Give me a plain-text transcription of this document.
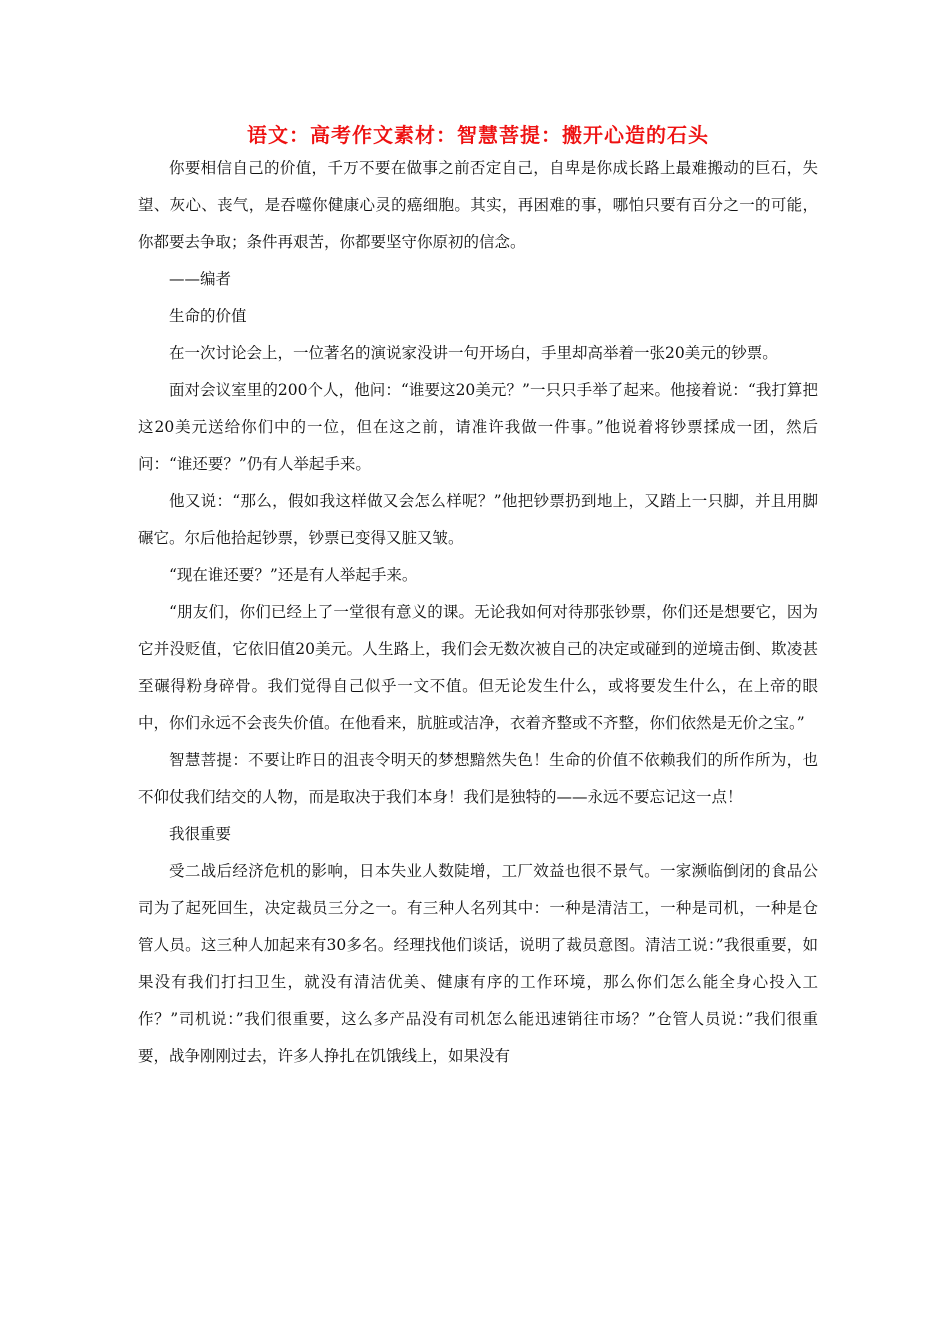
语文：高考作文素材：智慧菩提：搬开心造的石头

你要相信自己的价值，千万不要在做事之前否定自己，自卑是你成长路上最难搬动的巨石，失望、灰心、丧气，是吞噬你健康心灵的癌细胞。其实，再困难的事，哪怕只要有百分之一的可能，你都要去争取；条件再艰苦，你都要坚守你原初的信念。

——编者

生命的价值

在一次讨论会上，一位著名的演说家没讲一句开场白，手里却高举着一张20美元的钞票。

面对会议室里的200个人，他问：“谁要这20美元？”一只只手举了起来。他接着说：“我打算把这20美元送给你们中的一位，但在这之前，请准许我做一件事。”他说着将钞票揉成一团，然后问：“谁还要？”仍有人举起手来。

他又说：“那么，假如我这样做又会怎么样呢？”他把钞票扔到地上，又踏上一只脚，并且用脚碾它。尔后他拾起钞票，钞票已变得又脏又皱。

“现在谁还要？”还是有人举起手来。

“朋友们，你们已经上了一堂很有意义的课。无论我如何对待那张钞票，你们还是想要它，因为它并没贬值，它依旧值20美元。人生路上，我们会无数次被自己的决定或碰到的逆境击倒、欺凌甚至碾得粉身碎骨。我们觉得自己似乎一文不值。但无论发生什么，或将要发生什么，在上帝的眼中，你们永远不会丧失价值。在他看来，肮脏或洁净，衣着齐整或不齐整，你们依然是无价之宝。”

智慧菩提：不要让昨日的沮丧令明天的梦想黯然失色！生命的价值不依赖我们的所作所为，也不仰仗我们结交的人物，而是取决于我们本身！我们是独特的——永远不要忘记这一点！

我很重要

受二战后经济危机的影响，日本失业人数陡增，工厂效益也很不景气。一家濒临倒闭的食品公司为了起死回生，决定裁员三分之一。有三种人名列其中：一种是清洁工，一种是司机，一种是仓管人员。这三种人加起来有30多名。经理找他们谈话，说明了裁员意图。清洁工说：”我很重要，如果没有我们打扫卫生，就没有清洁优美、健康有序的工作环境，那么你们怎么能全身心投入工作？”司机说：”我们很重要，这么多产品没有司机怎么能迅速销往市场？”仓管人员说：”我们很重要，战争刚刚过去，许多人挣扎在饥饿线上，如果没有
